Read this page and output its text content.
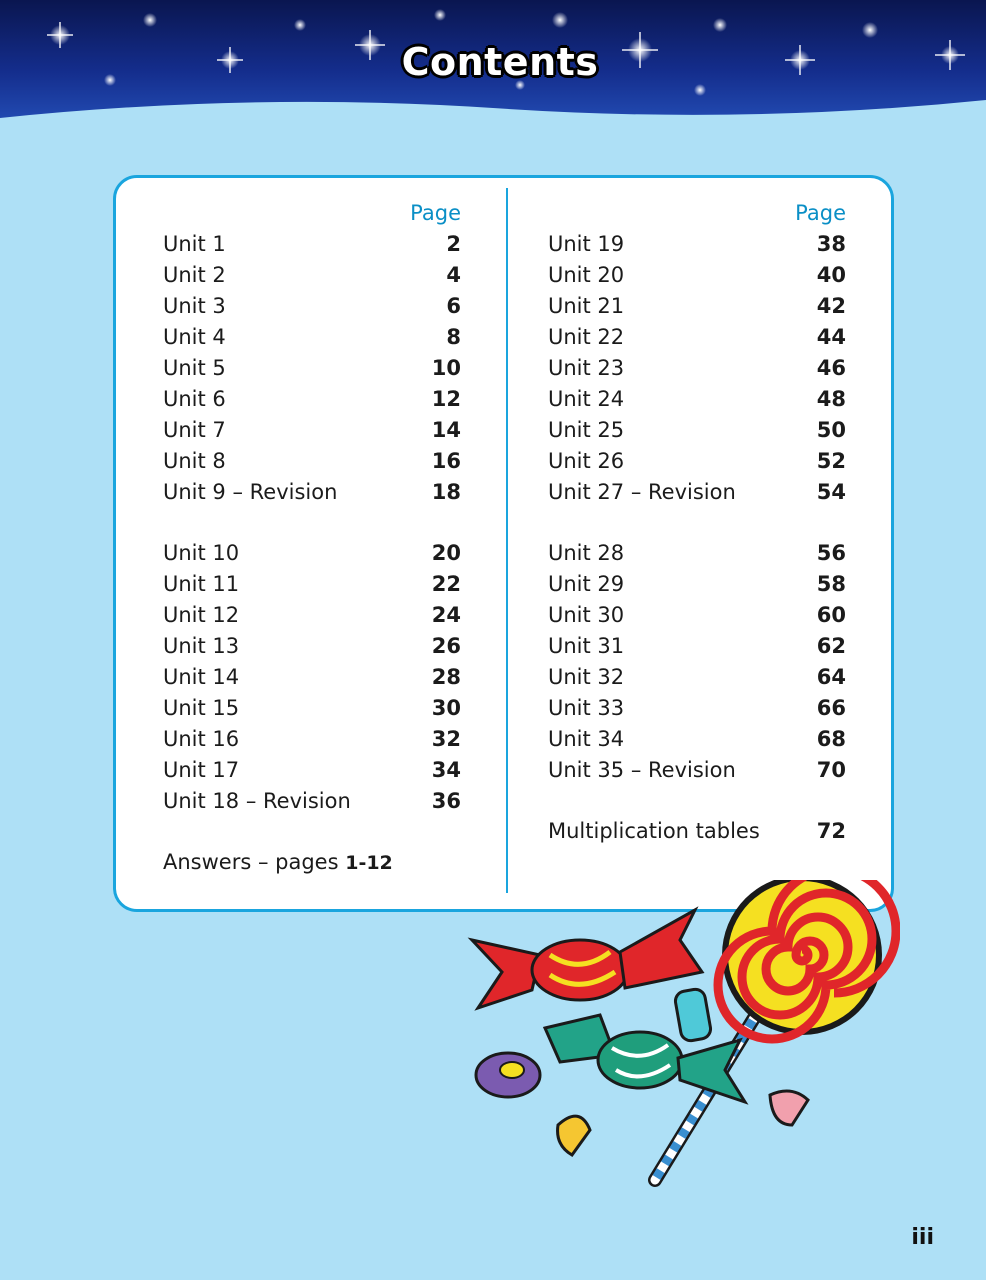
Contents
Page
Unit 1	2
Unit 2	4
Unit 3	6
Unit 4	8
Unit 5	10
Unit 6	12
Unit 7	14
Unit 8	16
Unit 9 – Revision	18
Unit 10	20
Unit 11	22
Unit 12	24
Unit 13	26
Unit 14	28
Unit 15	30
Unit 16	32
Unit 17	34
Unit 18 – Revision	36
Answers – pages 1-12
Page
Unit 19	38
Unit 20	40
Unit 21	42
Unit 22	44
Unit 23	46
Unit 24	48
Unit 25	50
Unit 26	52
Unit 27 – Revision	54
Unit 28	56
Unit 29	58
Unit 30	60
Unit 31	62
Unit 32	64
Unit 33	66
Unit 34	68
Unit 35 – Revision	70
Multiplication tables	72
iii
